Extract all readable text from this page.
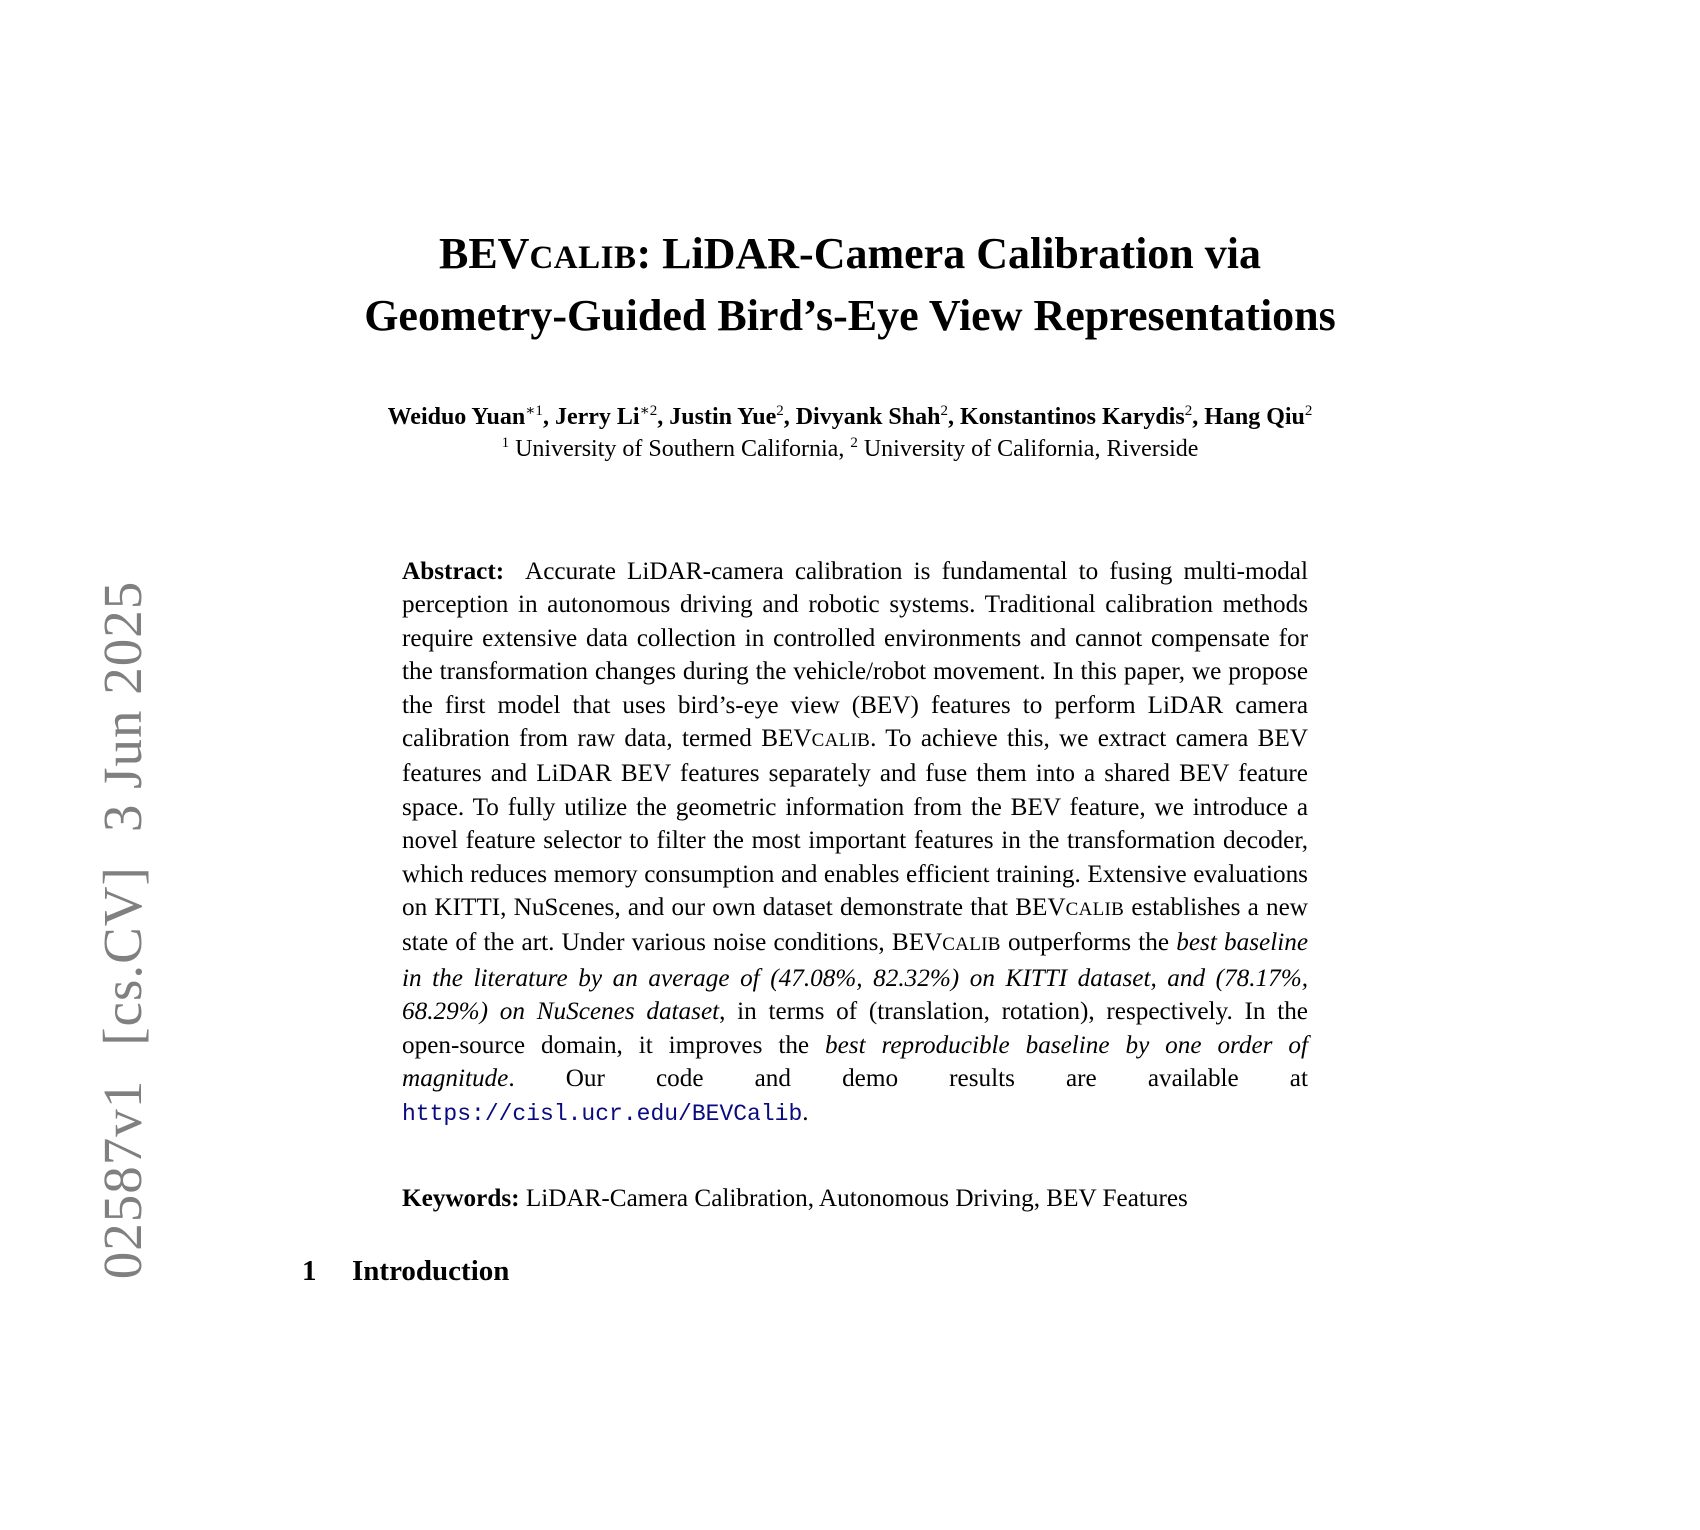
02587v1
[cs.CV]
3 Jun 2025
BEVCALIB: LiDAR-Camera Calibration via
Geometry-Guided Bird’s-Eye View Representations
Weiduo Yuan$^{∗1}$, Jerry $Li^{∗2}$, Justin Yue$^2$, Divyank Shah$^2$, Konstantinos Karydis$^2$, Hang Qiu$^2$
$^1$ University of Southern California, $^2$ University of California, Riverside
Abstract: Accurate LiDAR-camera calibration is fundamental to fusing multi-modal perception in autonomous driving and robotic systems. Traditional calibration methods require extensive data collection in controlled environments and cannot compensate for the transformation changes during the vehicle/robot movement. In this paper, we propose the first model that uses bird’s-eye view (BEV) features to perform LiDAR camera calibration from raw data, termed BEVCALIB. To achieve this, we extract camera BEV features and LiDAR BEV features separately and fuse them into a shared BEV feature space. To fully utilize the geometric information from the BEV feature, we introduce a novel feature selector to filter the most important features in the transformation decoder, which reduces memory consumption and enables efficient training. Extensive evaluations on KITTI, NuScenes, and our own dataset demonstrate that BEVCALIB establishes a new state of the art. Under various noise conditions, BEVCALIB outperforms the best baseline in the literature by an average of (47.08%, 82.32%) on KITTI dataset, and (78.17%, 68.29%) on NuScenes dataset, in terms of (translation, rotation), respectively. In the open-source domain, it improves the best reproducible baseline by one order of magnitude. Our code and demo results are available at https://cisl.ucr.edu/BEVCalib.
Keywords: LiDAR-Camera Calibration, Autonomous Driving, BEV Features
1 Introduction
